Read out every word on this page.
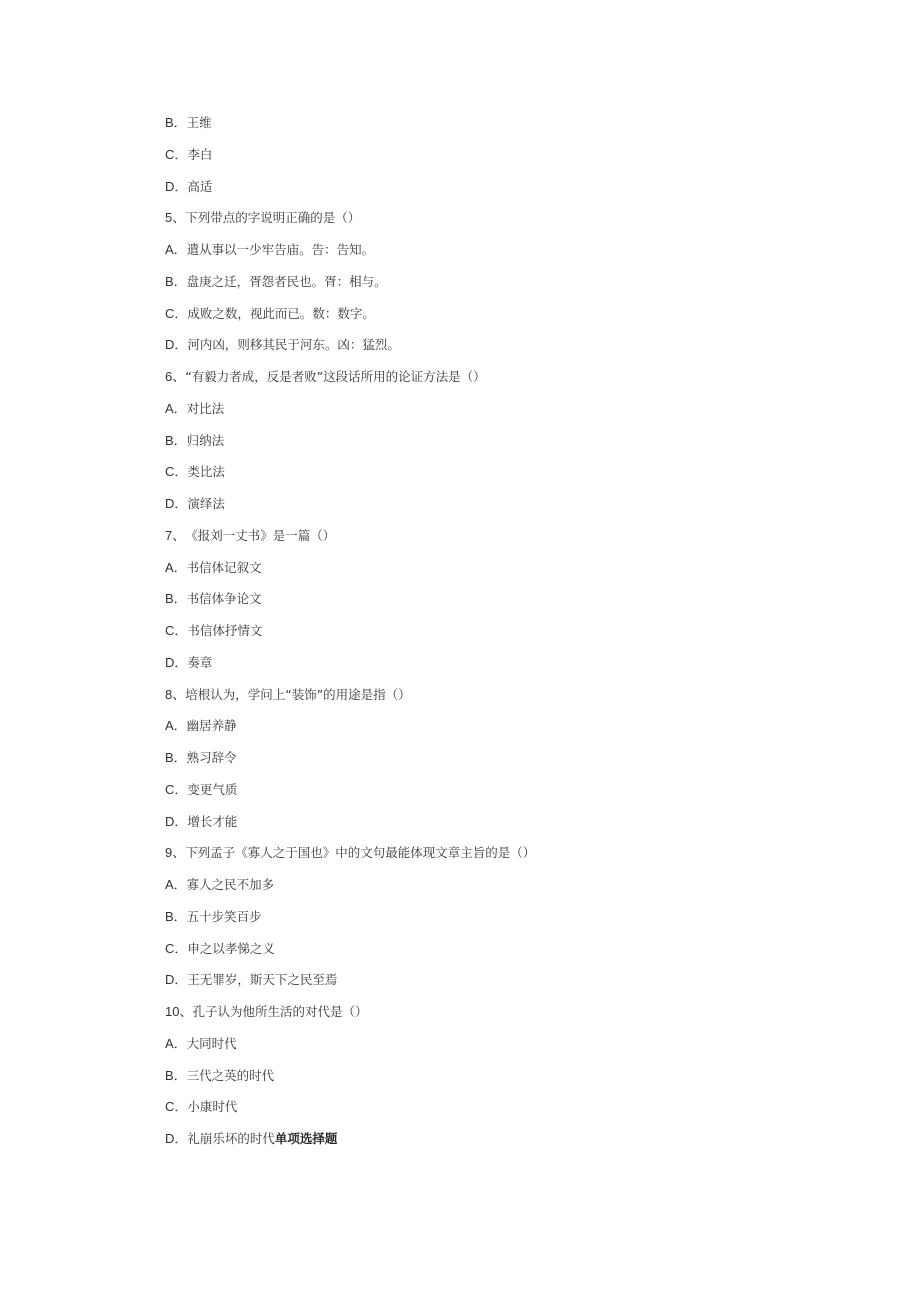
B．王维
C．李白
D．高适
5、下列带点的字说明正确的是（）
A．遣从事以一少牢告庙。告：告知。
B．盘庚之迁，胥怨者民也。胥：相与。
C．成败之数，视此而已。数：数字。
D．河内凶，则移其民于河东。凶：猛烈。
6、“有毅力者成，反是者败”这段话所用的论证方法是（）
A．对比法
B．归纳法
C．类比法
D．演绎法
7、《报刘一丈书》是一篇（）
A．书信体记叙文
B．书信体争论文
C．书信体抒情文
D．奏章
8、培根认为，学问上“装饰”的用途是指（）
A．幽居养静
B．熟习辞令
C．变更气质
D．增长才能
9、下列孟子《寡人之于国也》中的文句最能体现文章主旨的是（）
A．寡人之民不加多
B．五十步笑百步
C．申之以孝悌之义
D．王无罪岁，斯天下之民至焉
10、孔子认为他所生活的对代是（）
A．大同时代
B．三代之英的时代
C．小康时代
D．礼崩乐坏的时代单项选择题
